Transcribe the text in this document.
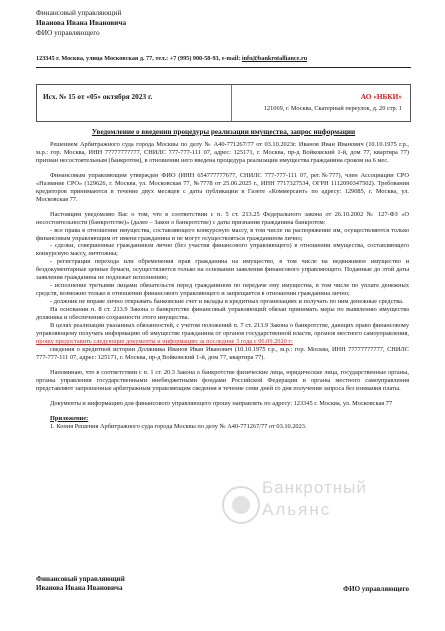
Финансовый управляющий
Иванова Ивана Ивановича
ФИО управляющего
123345 г. Москва, улица Московская д. 77, тел.: +7 (995) 900-58-93, e-mail: info@bankrotalliance.ru
Исх. № 15 от «05» октября 2023 г.	АО «НБКИ»
121069, г. Москва, Скатерный переулок, д. 20 стр. 1
Уведомление о введении процедуры реализации имущества, запрос информации

Решением Арбитражного суда города Москвы по делу № А40-771267/77 от 03.10.2023г. Иванов Иван Иванович (10.10.1975 г.р., м.р.: гор. Москва, ИНН 77777777777, СНИЛС 777-777-111 07, адрес: 125171, г. Москва, пр-д Войковский 1-й, дом 77, квартира 77) признан несостоятельным (банкротом), в отношении него введена процедура реализации имущества гражданина сроком на 6 мес.

Финансовым управляющим утвержден ФИО (ИНН 654777777677, СНИЛС 777-777-111 07, рег.№777), член Ассоциации СРО «Название СРО» (129626, г. Москва, ул. Московская 77, №7778 от 25.06.2025 г., ИНН 7717327534, ОГРН 1112090347502). Требования кредиторов принимаются в течение двух месяцев с даты публикации в Газете «Коммерсант» по адресу: 129085, г. Москва, ул. Московская 77.

Настоящим уведомляю Вас о том, что в соответствии с п. 5 ст. 213.25 Федерального закона от 26.10.2002 № 127-ФЗ «О несостоятельности (банкротстве)» (далее – Закон о банкротстве) с даты признания гражданина банкротом:

- все права в отношении имущества, составляющего конкурсную массу, в том числе на распоряжение им, осуществляются только финансовым управляющим от имени гражданина и не могут осуществляться гражданином лично;

- сделки, совершенные гражданином лично (без участия финансового управляющего) в отношении имущества, составляющего конкурсную массу, ничтожны;

- регистрация перехода или обременения прав гражданина на имущество, в том числе на недвижимое имущество и бездокументарные ценные бумаги, осуществляется только на основании заявления финансового управляющего. Поданные до этой даты заявления гражданина не подлежат исполнению;

- исполнение третьими лицами обязательств перед гражданином по передаче ему имущества, в том числе по уплате денежных средств, возможно только в отношении финансового управляющего и запрещается в отношении гражданина лично;

- должник не вправе лично открывать банковские счет и вклады в кредитных организациях и получать по ним денежные средства.

На основании п. 8 ст. 213.9 Закона о банкротстве финансовый управляющий обязан принимать меры по выявлению имущества должника и обеспечению сохранности этого имущества.

В целях реализации указанных обязанностей, с учетом положений п. 7 ст. 213.9 Закона о банкротстве, дающих право финансовому управляющему получать информацию об имуществе гражданина от органов государственной власти, органов местного самоуправления, прошу предоставить следующие документы и информацию за последние 3 года с 06.09.2020 г:

сведения о кредитной истории Должника Иванов Иван Иванович (10.10.1975 г.р., м.р.: гор. Москва, ИНН 77777777777, СНИЛС 777-777-111 07, адрес: 125171, г. Москва, пр-д Войковский 1-й, дом 77, квартира 77).

Напоминаю, что в соответствии с п. 1 ст. 20.3 Закона о банкротстве физические лица, юридические лица, государственные органы, органы управления государственными внебюджетными фондами Российской Федерации и органы местного самоуправления представляют запрошенные арбитражным управляющим сведения в течение семи дней со дня получения запроса без взимания платы.

Документы и информацию для финансового управляющего прошу направлять по адресу: 123345 г. Москва, ул. Московская 77

Приложение:

1. Копия Решения Арбитражного суда города Москвы по делу № А40-771267/77 от 03.10.2023.

Банкротный
Альянс
Финансовый управляющий
Иванова Ивана Ивановича	ФИО управляющего
